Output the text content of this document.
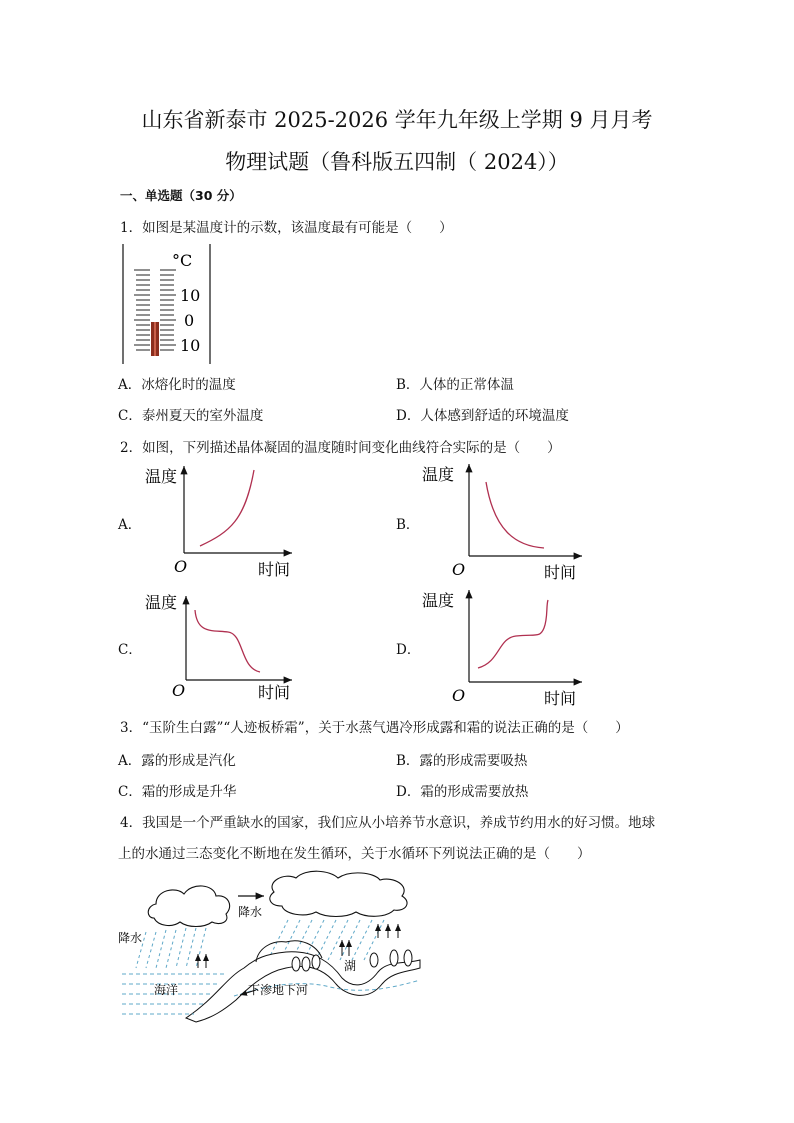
山东省新泰市 2025-2026 学年九年级上学期 9 月月考
物理试题（鲁科版五四制（ 2024））
一、单选题（30 分）
1．如图是某温度计的示数，该温度最有可能是（　　）
°C
10
0
10
A．冰熔化时的温度	B．人体的正常体温
C．泰州夏天的室外温度	D．人体感到舒适的环境温度
2．如图，下列描述晶体凝固的温度随时间变化曲线符合实际的是（　　）
A．
温度
O	时间
B．
温度
O	时间
C．
温度
O	时间
D．
温度
O	时间
3．“玉阶生白露”“人迹板桥霜”，关于水蒸气遇冷形成露和霜的说法正确的是（　　）
A．露的形成是汽化	B．露的形成需要吸热
C．霜的形成是升华	D．霜的形成需要放热
4．我国是一个严重缺水的国家，我们应从小培养节水意识，养成节约用水的好习惯。地球
上的水通过三态变化不断地在发生循环，关于水循环下列说法正确的是（　　）
降水
降水
湖
海洋	下渗地下河
